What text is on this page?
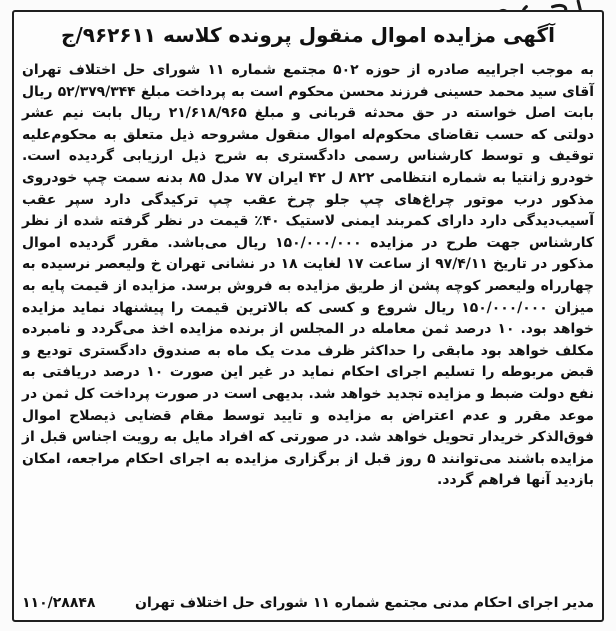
آگهی مزایده اموال منقول پرونده کلاسه ۹۶۲۶۱۱/ج

به موجب اجراییه صادره از حوزه ۵۰۲ مجتمع شماره ۱۱ شورای حل اختلاف تهران آقای سید محمد حسینی فرزند محسن محکوم است به پرداخت مبلغ ۵۲/۳۷۹/۳۴۴ ریال بابت اصل خواسته در حق محدثه قربانی و مبلغ ۲۱/۶۱۸/۹۶۵ ریال بابت نیم عشر دولتی که حسب تقاضای محکوم‌له اموال منقول مشروحه ذیل متعلق به محکوم‌علیه توقیف و توسط کارشناس رسمی دادگستری به شرح ذیل ارزیابی گردیده است. خودرو زانتیا به شماره انتظامی ۸۲۲ ل ۴۲ ایران ۷۷ مدل ۸۵ بدنه سمت چپ خودروی مذکور درب موتور چراغ‌های چپ جلو چرخ عقب چپ ترکیدگی دارد سپر عقب آسیب‌دیدگی دارد دارای کمربند ایمنی لاستیک ۴۰٪ قیمت در نظر گرفته شده از نظر کارشناس جهت طرح در مزایده ۱۵۰/۰۰۰/۰۰۰ ریال می‌باشد. مقرر گردیده اموال مذکور در تاریخ ۹۷/۴/۱۱ از ساعت ۱۷ لغایت ۱۸ در نشانی تهران خ ولیعصر نرسیده به چهارراه ولیعصر کوچه پشن از طریق مزایده به فروش برسد. مزایده از قیمت پایه به میزان ۱۵۰/۰۰۰/۰۰۰ ریال شروع و کسی که بالاترین قیمت را پیشنهاد نماید مزایده خواهد بود. ۱۰ درصد ثمن معامله در المجلس از برنده مزایده اخذ می‌گردد و نامبرده مکلف خواهد بود مابقی را حداکثر ظرف مدت یک ماه به صندوق دادگستری تودیع و قبض مربوطه را تسلیم اجرای احکام نماید در غیر این صورت ۱۰ درصد دریافتی به نفع دولت ضبط و مزایده تجدید خواهد شد. بدیهی است در صورت پرداخت کل ثمن در موعد مقرر و عدم اعتراض به مزایده و تایید توسط مقام قضایی ذیصلاح اموال فوق‌الذکر خریدار تحویل خواهد شد. در صورتی که افراد مایل به رویت اجناس قبل از مزایده باشند می‌توانند ۵ روز قبل از برگزاری مزایده به اجرای احکام مراجعه، امکان بازدید آنها فراهم گردد.

مدیر اجرای احکام مدنی مجتمع شماره ۱۱ شورای حل اختلاف تهران
۱۱۰/۲۸۸۴۸
